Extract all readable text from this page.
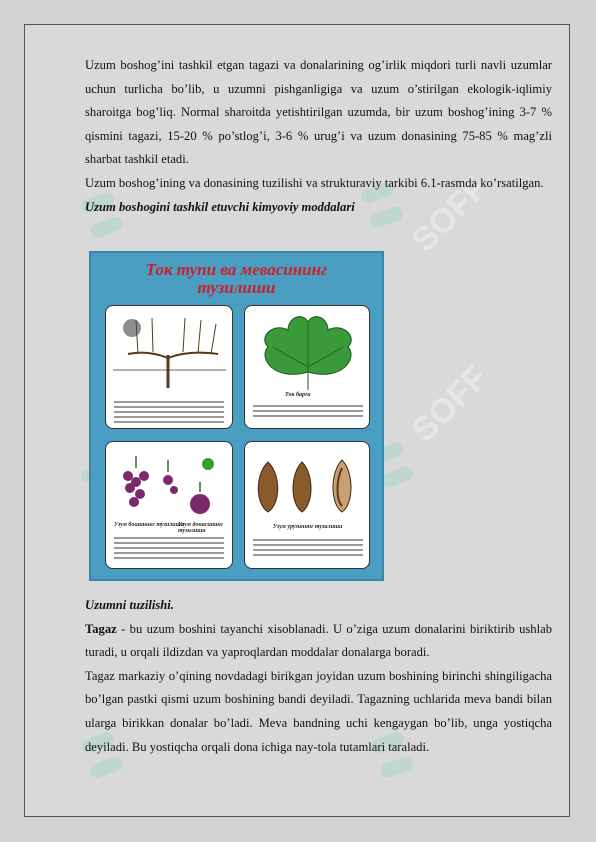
SOFF
SOFF

Uzum boshog’ini tashkil etgan tagazi va donalarining og’irlik miqdori turli navli uzumlar uchun turlicha bo’lib, u uzumni pishganligiga va uzum o’stirilgan ekologik-iqlimiy sharoitga bog’liq. Normal sharoitda yetishtirilgan uzumda, bir uzum boshog’ining 3-7 % qismini tagazi, 15-20 % po’stlog’i, 3-6 % urug’i va uzum donasining 75-85 % mag’zli sharbat tashkil etadi.

Uzum boshog’ining va donasining tuzilishi va strukturaviy tarkibi 6.1-rasmda ko’rsatilgan.

Uzum boshogini tashkil etuvchi kimyoviy moddalari

Ток тупи ва мевасининг
тузилиши
Ток барги
Узум бошининг тузилиши
Узум донасининг тузилиши
Узум уруғининг тузилиши

Uzumni tuzilishi.

Tagaz - bu uzum boshini tayanchi xisoblanadi. U o’ziga uzum donalarini biriktirib ushlab turadi, u orqali ildizdan va yaproqlardan moddalar donalarga boradi.

Tagaz markaziy o’qining novdadagi birikgan joyidan uzum boshining birinchi shingiligacha bo’lgan pastki qismi uzum boshining bandi deyiladi. Tagazning uchlarida meva bandi bilan ularga birikkan donalar bo’ladi. Meva bandning uchi kengaygan bo’lib, unga yostiqcha deyiladi. Bu yostiqcha orqali dona ichiga nay-tola tutamlari taraladi.
